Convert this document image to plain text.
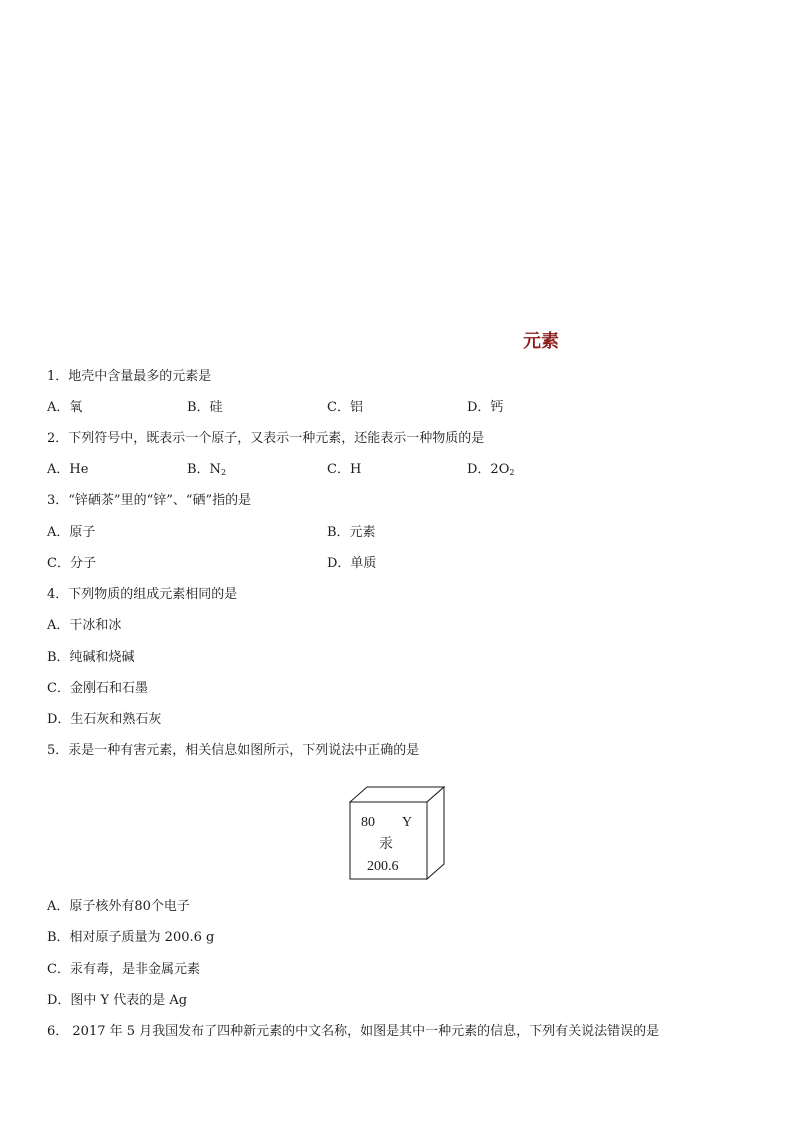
元素
1．地壳中含量最多的元素是
A．氧	B．硅	C．铝	D．钙
2．下列符号中，既表示一个原子，又表示一种元素，还能表示一种物质的是
A．He	B．$N_2$	C．H	D．$2O_2$
3．“锌硒茶”里的“锌”、“硒”指的是
A．原子	B．元素
C．分子	D．单质
4．下列物质的组成元素相同的是
A．干冰和冰
B．纯碱和烧碱
C．金刚石和石墨
D．生石灰和熟石灰
5．汞是一种有害元素，相关信息如图所示，下列说法中正确的是
80 Y
汞
200.6
A．原子核外有80个电子
B．相对原子质量为 200.6 g
C．汞有毒，是非金属元素
D．图中 Y 代表的是 Ag
6． 2017 年 5 月我国发布了四种新元素的中文名称，如图是其中一种元素的信息，下列有关说法错误的是
